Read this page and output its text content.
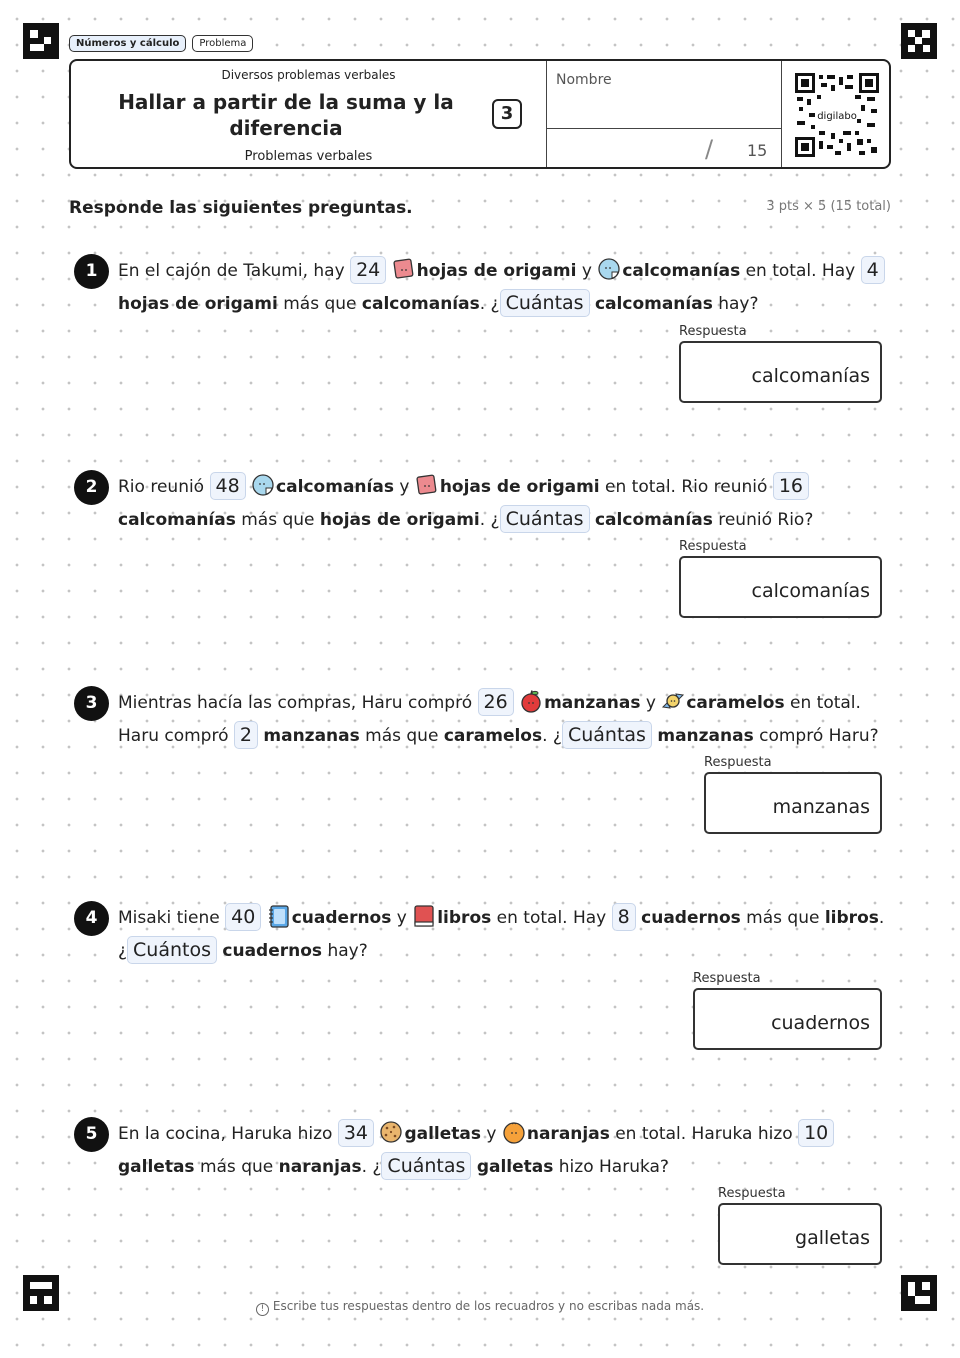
Números y cálculo	Problema
Diversos problemas verbales
Hallar a partir de la suma y la diferencia
Problemas verbales
3
Nombre
/ 15
digilabo
Responde las siguientes preguntas.	3 pts × 5 (15 total)
1	En el cajón de Takumi, hay 24 hojas de origami y calcomanías en total. Hay 4 hojas de origami más que calcomanías. ¿ Cuántas calcomanías hay?
Respuesta
calcomanías
2	Rio reunió 48 calcomanías y hojas de origami en total. Rio reunió 16 calcomanías más que hojas de origami. ¿ Cuántas calcomanías reunió Rio?
Respuesta
calcomanías
3	Mientras hacía las compras, Haru compró 26 manzanas y caramelos en total. Haru compró 2 manzanas más que caramelos. ¿ Cuántas manzanas compró Haru?
Respuesta
manzanas
4	Misaki tiene 40 cuadernos y libros en total. Hay 8 cuadernos más que libros. ¿ Cuántos cuadernos hay?
Respuesta
cuadernos
5	En la cocina, Haruka hizo 34 galletas y naranjas en total. Haruka hizo 10 galletas más que naranjas. ¿ Cuántas galletas hizo Haruka?
Respuesta
galletas
! Escribe tus respuestas dentro de los recuadros y no escribas nada más.
